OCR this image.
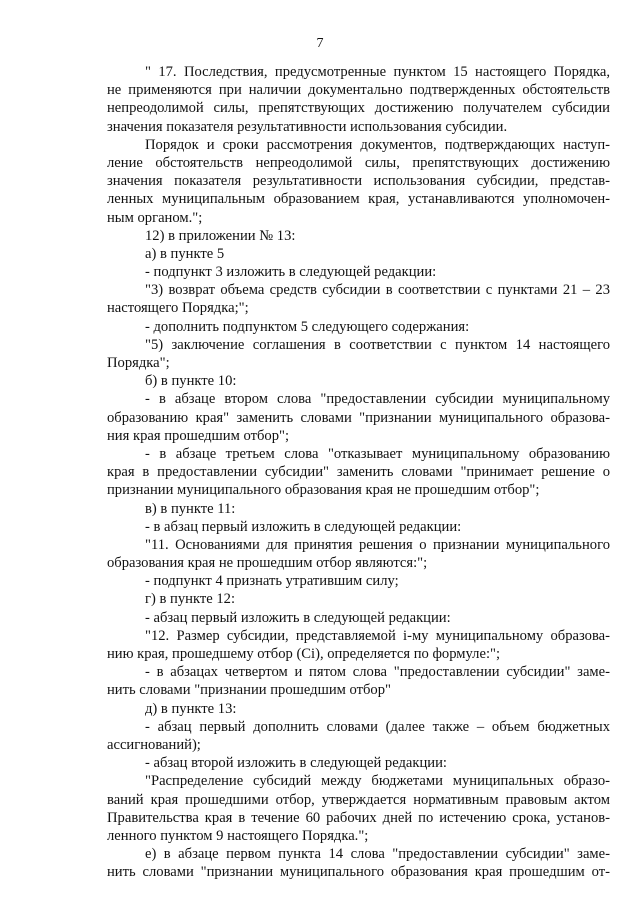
7
" 17. Последствия, предусмотренные пунктом 15 настоящего Порядка,
не применяются при наличии документально подтвержденных обстоятельств
непреодолимой силы, препятствующих достижению получателем субсидии
значения показателя результативности использования субсидии.
Порядок и сроки рассмотрения документов, подтверждающих наступ-
ление обстоятельств непреодолимой силы, препятствующих достижению
значения показателя результативности использования субсидии, представ-
ленных муниципальным образованием края, устанавливаются уполномочен-
ным органом.";
12) в приложении № 13:
а) в пункте 5
- подпункт 3 изложить в следующей редакции:
"3) возврат объема средств субсидии в соответствии с пунктами 21 – 23
настоящего Порядка;";
- дополнить подпунктом 5 следующего содержания:
"5) заключение соглашения в соответствии с пунктом 14 настоящего
Порядка";
б) в пункте 10:
- в абзаце втором слова "предоставлении субсидии муниципальному
образованию края" заменить словами "признании муниципального образова-
ния края прошедшим отбор";
- в абзаце третьем слова "отказывает муниципальному образованию
края в предоставлении субсидии" заменить словами "принимает решение о
признании муниципального образования края не прошедшим отбор";
в) в пункте 11:
- в абзац первый изложить в следующей редакции:
"11. Основаниями для принятия решения о признании муниципального
образования края не прошедшим отбор являются:";
- подпункт 4 признать утратившим силу;
г) в пункте 12:
- абзац первый изложить в следующей редакции:
"12. Размер субсидии, представляемой i-му муниципальному образова-
нию края, прошедшему отбор (Ci), определяется по формуле:";
- в абзацах четвертом и пятом слова "предоставлении субсидии" заме-
нить словами "признании прошедшим отбор"
д) в пункте 13:
- абзац первый дополнить словами (далее также – объем бюджетных
ассигнований);
- абзац второй изложить в следующей редакции:
"Распределение субсидий между бюджетами муниципальных образо-
ваний края прошедшими отбор, утверждается нормативным правовым актом
Правительства края в течение 60 рабочих дней по истечению срока, установ-
ленного пунктом 9 настоящего Порядка.";
е) в абзаце первом пункта 14 слова "предоставлении субсидии" заме-
нить словами "признании муниципального образования края прошедшим от-
